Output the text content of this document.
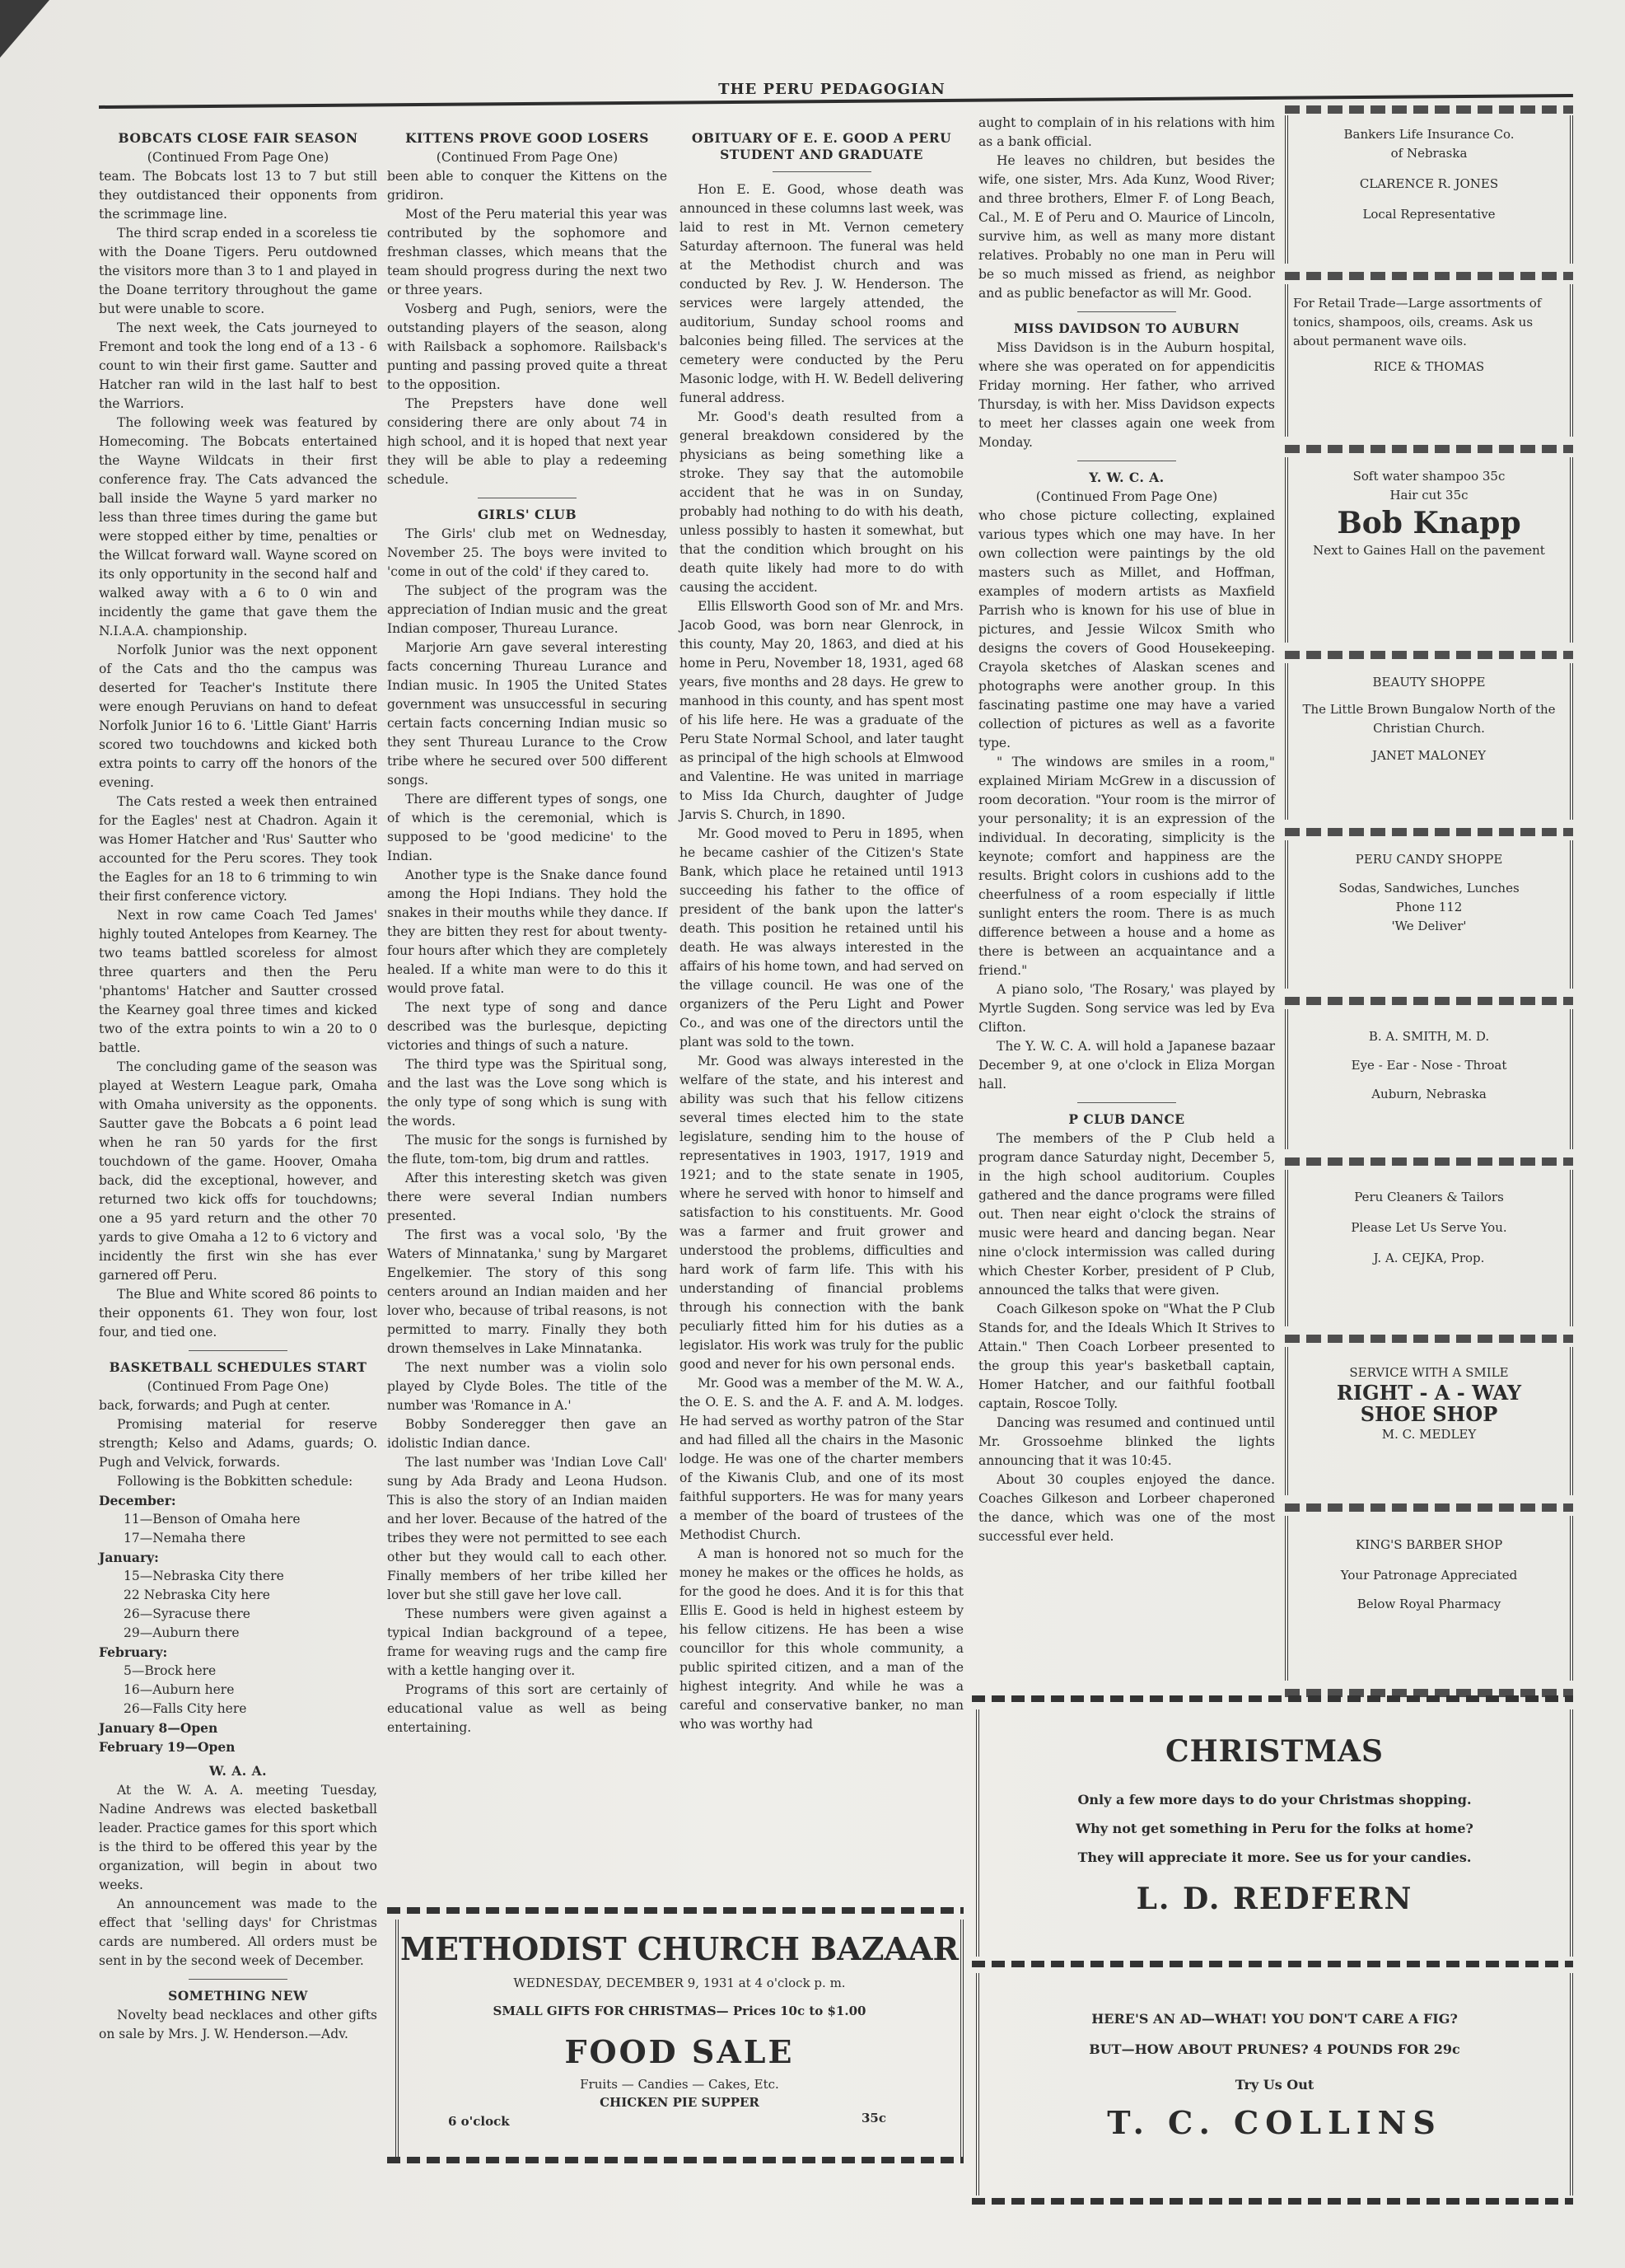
THE PERU PEDAGOGIAN
BOBCATS CLOSE FAIR SEASON
(Continued From Page One)

team. The Bobcats lost 13 to 7 but still they outdistanced their opponents from the scrimmage line.

The third scrap ended in a scoreless tie with the Doane Tigers. Peru outdowned the visitors more than 3 to 1 and played in the Doane territory throughout the game but were unable to score.

The next week, the Cats journeyed to Fremont and took the long end of a 13 - 6 count to win their first game. Sautter and Hatcher ran wild in the last half to best the Warriors.

The following week was featured by Homecoming. The Bobcats entertained the Wayne Wildcats in their first conference fray. The Cats advanced the ball inside the Wayne 5 yard marker no less than three times during the game but were stopped either by time, penalties or the Willcat forward wall. Wayne scored on its only opportunity in the second half and walked away with a 6 to 0 win and incidently the game that gave them the N.I.A.A. championship.

Norfolk Junior was the next opponent of the Cats and tho the campus was deserted for Teacher's Institute there were enough Peruvians on hand to defeat Norfolk Junior 16 to 6. 'Little Giant' Harris scored two touchdowns and kicked both extra points to carry off the honors of the evening.

The Cats rested a week then entrained for the Eagles' nest at Chadron. Again it was Homer Hatcher and 'Rus' Sautter who accounted for the Peru scores. They took the Eagles for an 18 to 6 trimming to win their first conference victory.

Next in row came Coach Ted James' highly touted Antelopes from Kearney. The two teams battled scoreless for almost three quarters and then the Peru 'phantoms' Hatcher and Sautter crossed the Kearney goal three times and kicked two of the extra points to win a 20 to 0 battle.

The concluding game of the season was played at Western League park, Omaha with Omaha university as the opponents. Sautter gave the Bobcats a 6 point lead when he ran 50 yards for the first touchdown of the game. Hoover, Omaha back, did the exceptional, however, and returned two kick offs for touchdowns; one a 95 yard return and the other 70 yards to give Omaha a 12 to 6 victory and incidently the first win she has ever garnered off Peru.

The Blue and White scored 86 points to their opponents 61. They won four, lost four, and tied one.

BASKETBALL SCHEDULES START
(Continued From Page One)

back, forwards; and Pugh at center.

Promising material for reserve strength; Kelso and Adams, guards; O. Pugh and Velvick, forwards.

Following is the Bobkitten schedule:

December:
11—Benson of Omaha here
17—Nemaha there
January:
15—Nebraska City there
22 Nebraska City here
26—Syracuse there
29—Auburn there
February:
5—Brock here
16—Auburn here
26—Falls City here
January 8—Open
February 19—Open
W. A. A.

At the W. A. A. meeting Tuesday, Nadine Andrews was elected basketball leader. Practice games for this sport which is the third to be offered this year by the organization, will begin in about two weeks.

An announcement was made to the effect that 'selling days' for Christmas cards are numbered. All orders must be sent in by the second week of December.

SOMETHING NEW

Novelty bead necklaces and other gifts on sale by Mrs. J. W. Henderson.—Adv.

KITTENS PROVE GOOD LOSERS
(Continued From Page One)

been able to conquer the Kittens on the gridiron.

Most of the Peru material this year was contributed by the sophomore and freshman classes, which means that the team should progress during the next two or three years.

Vosberg and Pugh, seniors, were the outstanding players of the season, along with Railsback a sophomore. Railsback's punting and passing proved quite a threat to the opposition.

The Prepsters have done well considering there are only about 74 in high school, and it is hoped that next year they will be able to play a redeeming schedule.

GIRLS' CLUB

The Girls' club met on Wednesday, November 25. The boys were invited to 'come in out of the cold' if they cared to.

The subject of the program was the appreciation of Indian music and the great Indian composer, Thureau Lurance.

Marjorie Arn gave several interesting facts concerning Thureau Lurance and Indian music. In 1905 the United States government was unsuccessful in securing certain facts concerning Indian music so they sent Thureau Lurance to the Crow tribe where he secured over 500 different songs.

There are different types of songs, one of which is the ceremonial, which is supposed to be 'good medicine' to the Indian.

Another type is the Snake dance found among the Hopi Indians. They hold the snakes in their mouths while they dance. If they are bitten they rest for about twenty-four hours after which they are completely healed. If a white man were to do this it would prove fatal.

The next type of song and dance described was the burlesque, depicting victories and things of such a nature.

The third type was the Spiritual song, and the last was the Love song which is the only type of song which is sung with the words.

The music for the songs is furnished by the flute, tom-tom, big drum and rattles.

After this interesting sketch was given there were several Indian numbers presented.

The first was a vocal solo, 'By the Waters of Minnatanka,' sung by Margaret Engelkemier. The story of this song centers around an Indian maiden and her lover who, because of tribal reasons, is not permitted to marry. Finally they both drown themselves in Lake Minnatanka.

The next number was a violin solo played by Clyde Boles. The title of the number was 'Romance in A.'

Bobby Sonderegger then gave an idolistic Indian dance.

The last number was 'Indian Love Call' sung by Ada Brady and Leona Hudson. This is also the story of an Indian maiden and her lover. Because of the hatred of the tribes they were not permitted to see each other but they would call to each other. Finally members of her tribe killed her lover but she still gave her love call.

These numbers were given against a typical Indian background of a tepee, frame for weaving rugs and the camp fire with a kettle hanging over it.

Programs of this sort are certainly of educational value as well as being entertaining.

OBITUARY OF E. E. GOOD A PERU STUDENT AND GRADUATE

Hon E. E. Good, whose death was announced in these columns last week, was laid to rest in Mt. Vernon cemetery Saturday afternoon. The funeral was held at the Methodist church and was conducted by Rev. J. W. Henderson. The services were largely attended, the auditorium, Sunday school rooms and balconies being filled. The services at the cemetery were conducted by the Peru Masonic lodge, with H. W. Bedell delivering funeral address.

Mr. Good's death resulted from a general breakdown considered by the physicians as being something like a stroke. They say that the automobile accident that he was in on Sunday, probably had nothing to do with his death, unless possibly to hasten it somewhat, but that the condition which brought on his death quite likely had more to do with causing the accident.

Ellis Ellsworth Good son of Mr. and Mrs. Jacob Good, was born near Glenrock, in this county, May 20, 1863, and died at his home in Peru, November 18, 1931, aged 68 years, five months and 28 days. He grew to manhood in this county, and has spent most of his life here. He was a graduate of the Peru State Normal School, and later taught as principal of the high schools at Elmwood and Valentine. He was united in marriage to Miss Ida Church, daughter of Judge Jarvis S. Church, in 1890.

Mr. Good moved to Peru in 1895, when he became cashier of the Citizen's State Bank, which place he retained until 1913 succeeding his father to the office of president of the bank upon the latter's death. This position he retained until his death. He was always interested in the affairs of his home town, and had served on the village council. He was one of the organizers of the Peru Light and Power Co., and was one of the directors until the plant was sold to the town.

Mr. Good was always interested in the welfare of the state, and his interest and ability was such that his fellow citizens several times elected him to the state legislature, sending him to the house of representatives in 1903, 1917, 1919 and 1921; and to the state senate in 1905, where he served with honor to himself and satisfaction to his constituents. Mr. Good was a farmer and fruit grower and understood the problems, difficulties and hard work of farm life. This with his understanding of financial problems through his connection with the bank peculiarly fitted him for his duties as a legislator. His work was truly for the public good and never for his own personal ends.

Mr. Good was a member of the M. W. A., the O. E. S. and the A. F. and A. M. lodges. He had served as worthy patron of the Star and had filled all the chairs in the Masonic lodge. He was one of the charter members of the Kiwanis Club, and one of its most faithful supporters. He was for many years a member of the board of trustees of the Methodist Church.

A man is honored not so much for the money he makes or the offices he holds, as for the good he does. And it is for this that Ellis E. Good is held in highest esteem by his fellow citizens. He has been a wise councillor for this whole community, a public spirited citizen, and a man of the highest integrity. And while he was a careful and conservative banker, no man who was worthy had

aught to complain of in his relations with him as a bank official.

He leaves no children, but besides the wife, one sister, Mrs. Ada Kunz, Wood River; and three brothers, Elmer F. of Long Beach, Cal., M. E of Peru and O. Maurice of Lincoln, survive him, as well as many more distant relatives. Probably no one man in Peru will be so much missed as friend, as neighbor and as public benefactor as will Mr. Good.

MISS DAVIDSON TO AUBURN

Miss Davidson is in the Auburn hospital, where she was operated on for appendicitis Friday morning. Her father, who arrived Thursday, is with her. Miss Davidson expects to meet her classes again one week from Monday.

Y. W. C. A.
(Continued From Page One)

who chose picture collecting, explained various types which one may have. In her own collection were paintings by the old masters such as Millet, and Hoffman, examples of modern artists as Maxfield Parrish who is known for his use of blue in pictures, and Jessie Wilcox Smith who designs the covers of Good Housekeeping. Crayola sketches of Alaskan scenes and photographs were another group. In this fascinating pastime one may have a varied collection of pictures as well as a favorite type.

" The windows are smiles in a room," explained Miriam McGrew in a discussion of room decoration. "Your room is the mirror of your personality; it is an expression of the individual. In decorating, simplicity is the keynote; comfort and happiness are the results. Bright colors in cushions add to the cheerfulness of a room especially if little sunlight enters the room. There is as much difference between a house and a home as there is between an acquaintance and a friend."

A piano solo, 'The Rosary,' was played by Myrtle Sugden. Song service was led by Eva Clifton.

The Y. W. C. A. will hold a Japanese bazaar December 9, at one o'clock in Eliza Morgan hall.

P CLUB DANCE

The members of the P Club held a program dance Saturday night, December 5, in the high school auditorium. Couples gathered and the dance programs were filled out. Then near eight o'clock the strains of music were heard and dancing began. Near nine o'clock intermission was called during which Chester Korber, president of P Club, announced the talks that were given.

Coach Gilkeson spoke on "What the P Club Stands for, and the Ideals Which It Strives to Attain." Then Coach Lorbeer presented to the group this year's basketball captain, Homer Hatcher, and our faithful football captain, Roscoe Tolly.

Dancing was resumed and continued until Mr. Grossoehme blinked the lights announcing that it was 10:45.

About 30 couples enjoyed the dance. Coaches Gilkeson and Lorbeer chaperoned the dance, which was one of the most successful ever held.

Bankers Life Insurance Co.
of Nebraska
CLARENCE R. JONES
Local Representative
For Retail Trade—Large assortments of tonics, shampoos, oils, creams. Ask us about permanent wave oils.
RICE & THOMAS
Soft water shampoo 35c
Hair cut 35c
Bob Knapp
Next to Gaines Hall on the pavement
BEAUTY SHOPPE
The Little Brown Bungalow North of the Christian Church.
JANET MALONEY
PERU CANDY SHOPPE
Sodas, Sandwiches, Lunches
Phone 112
'We Deliver'
B. A. SMITH, M. D.
Eye - Ear - Nose - Throat
Auburn, Nebraska
Peru Cleaners & Tailors
Please Let Us Serve You.
J. A. CEJKA, Prop.
SERVICE WITH A SMILE
RIGHT - A - WAY
SHOE SHOP
M. C. MEDLEY
KING'S BARBER SHOP
Your Patronage Appreciated
Below Royal Pharmacy
METHODIST CHURCH BAZAAR
WEDNESDAY, DECEMBER 9, 1931 at 4 o'clock p. m.
SMALL GIFTS FOR CHRISTMAS— Prices 10c to $1.00
FOOD SALE
Fruits — Candies — Cakes, Etc.
CHICKEN PIE SUPPER
6 o'clock	35c
CHRISTMAS
Only a few more days to do your Christmas shopping.
Why not get something in Peru for the folks at home?
They will appreciate it more. See us for your candies.
L. D. REDFERN
HERE'S AN AD—WHAT! YOU DON'T CARE A FIG?
BUT—HOW ABOUT PRUNES? 4 POUNDS FOR 29c
Try Us Out
T. C. COLLINS
